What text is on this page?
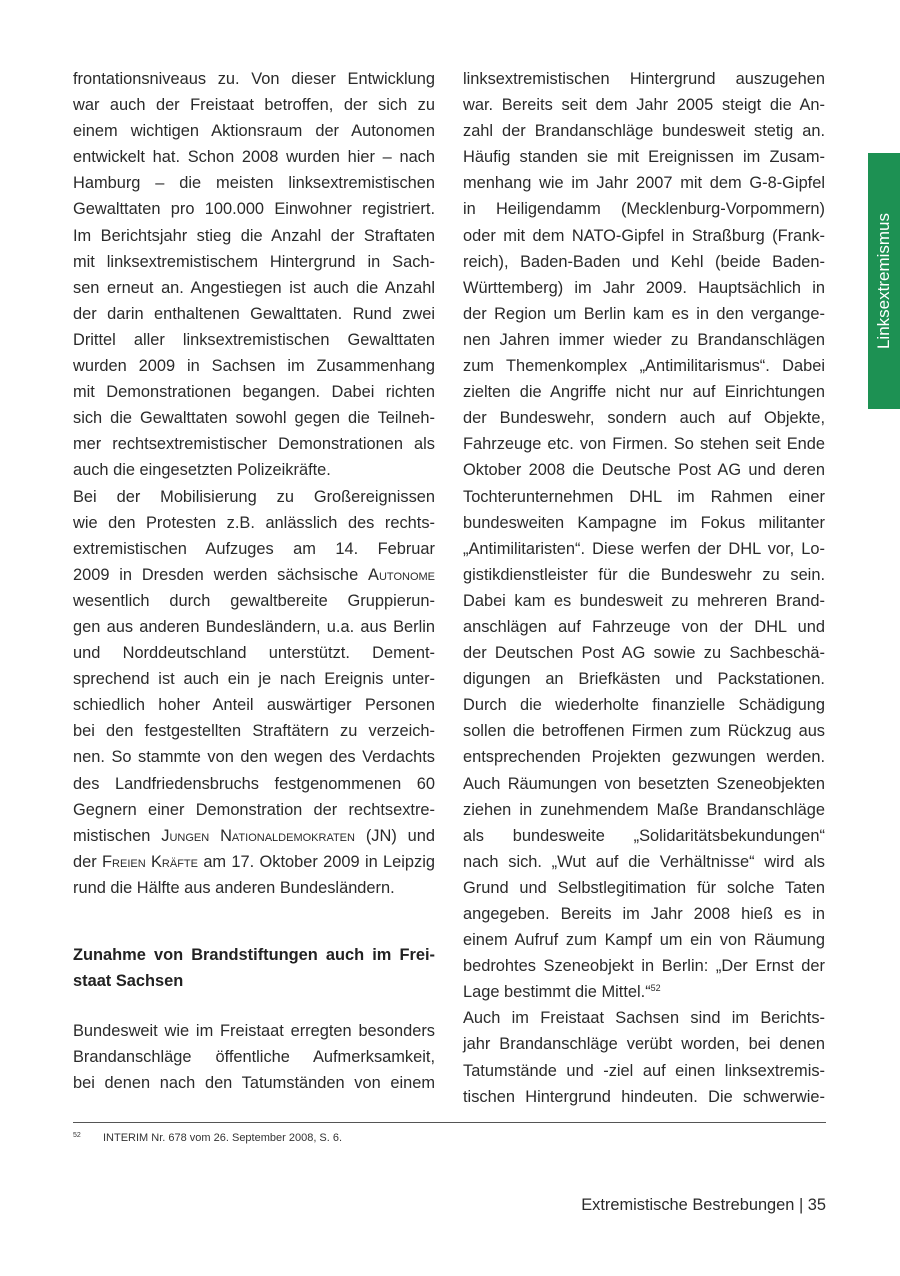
frontationsniveaus zu. Von dieser Entwicklung
war auch der Freistaat betroffen, der sich zu
einem wichtigen Aktionsraum der Autonomen
entwickelt hat. Schon 2008 wurden hier – nach
Hamburg – die meisten linksextremistischen
Gewalttaten pro 100.000 Einwohner registriert.
Im Berichtsjahr stieg die Anzahl der Straftaten
mit linksextremistischem Hintergrund in Sach-
sen erneut an. Angestiegen ist auch die Anzahl
der darin enthaltenen Gewalttaten. Rund zwei
Drittel aller linksextremistischen Gewalttaten
wurden 2009 in Sachsen im Zusammenhang
mit Demonstrationen begangen. Dabei richten
sich die Gewalttaten sowohl gegen die Teilneh-
mer rechtsextremistischer Demonstrationen als
auch die eingesetzten Polizeikräfte.
Bei der Mobilisierung zu Großereignissen
wie den Protesten z.B. anlässlich des rechts-
extremistischen Aufzuges am 14. Februar
2009 in Dresden werden sächsische Autonome
wesentlich durch gewaltbereite Gruppierun-
gen aus anderen Bundesländern, u.a. aus Berlin
und Norddeutschland unterstützt. Dement-
sprechend ist auch ein je nach Ereignis unter-
schiedlich hoher Anteil auswärtiger Personen
bei den festgestellten Straftätern zu verzeich-
nen. So stammte von den wegen des Verdachts
des Landfriedensbruchs festgenommenen 60
Gegnern einer Demonstration der rechtsextre-
mistischen Jungen Nationaldemokraten (JN) und
der Freien Kräfte am 17. Oktober 2009 in Leipzig
rund die Hälfte aus anderen Bundesländern.
Zunahme von Brandstiftungen auch im Frei-
staat Sachsen
Bundesweit wie im Freistaat erregten besonders
Brandanschläge öffentliche Aufmerksamkeit,
bei denen nach den Tatumständen von einem
linksextremistischen Hintergrund auszugehen
war. Bereits seit dem Jahr 2005 steigt die An-
zahl der Brandanschläge bundesweit stetig an.
Häufig standen sie mit Ereignissen im Zusam-
menhang wie im Jahr 2007 mit dem G-8-Gipfel
in Heiligendamm (Mecklenburg-Vorpommern)
oder mit dem NATO-Gipfel in Straßburg (Frank-
reich), Baden-Baden und Kehl (beide Baden-
Württemberg) im Jahr 2009. Hauptsächlich in
der Region um Berlin kam es in den vergange-
nen Jahren immer wieder zu Brandanschlägen
zum Themenkomplex „Antimilitarismus“. Dabei
zielten die Angriffe nicht nur auf Einrichtungen
der Bundeswehr, sondern auch auf Objekte,
Fahrzeuge etc. von Firmen. So stehen seit Ende
Oktober 2008 die Deutsche Post AG und deren
Tochterunternehmen DHL im Rahmen einer
bundesweiten Kampagne im Fokus militanter
„Antimilitaristen“. Diese werfen der DHL vor, Lo-
gistikdienstleister für die Bundeswehr zu sein.
Dabei kam es bundesweit zu mehreren Brand-
anschlägen auf Fahrzeuge von der DHL und
der Deutschen Post AG sowie zu Sachbeschä-
digungen an Briefkästen und Packstationen.
Durch die wiederholte finanzielle Schädigung
sollen die betroffenen Firmen zum Rückzug aus
entsprechenden Projekten gezwungen werden.
Auch Räumungen von besetzten Szeneobjekten
ziehen in zunehmendem Maße Brandanschläge
als bundesweite „Solidaritätsbekundungen“
nach sich. „Wut auf die Verhältnisse“ wird als
Grund und Selbstlegitimation für solche Taten
angegeben. Bereits im Jahr 2008 hieß es in
einem Aufruf zum Kampf um ein von Räumung
bedrohtes Szeneobjekt in Berlin: „Der Ernst der
Lage bestimmt die Mittel.“$^{52}$
Auch im Freistaat Sachsen sind im Berichts-
jahr Brandanschläge verübt worden, bei denen
Tatumstände und -ziel auf einen linksextremis-
tischen Hintergrund hindeuten. Die schwerwie-
Linksextremismus
52 INTERIM Nr. 678 vom 26. September 2008, S. 6.
Extremistische Bestrebungen | 35
